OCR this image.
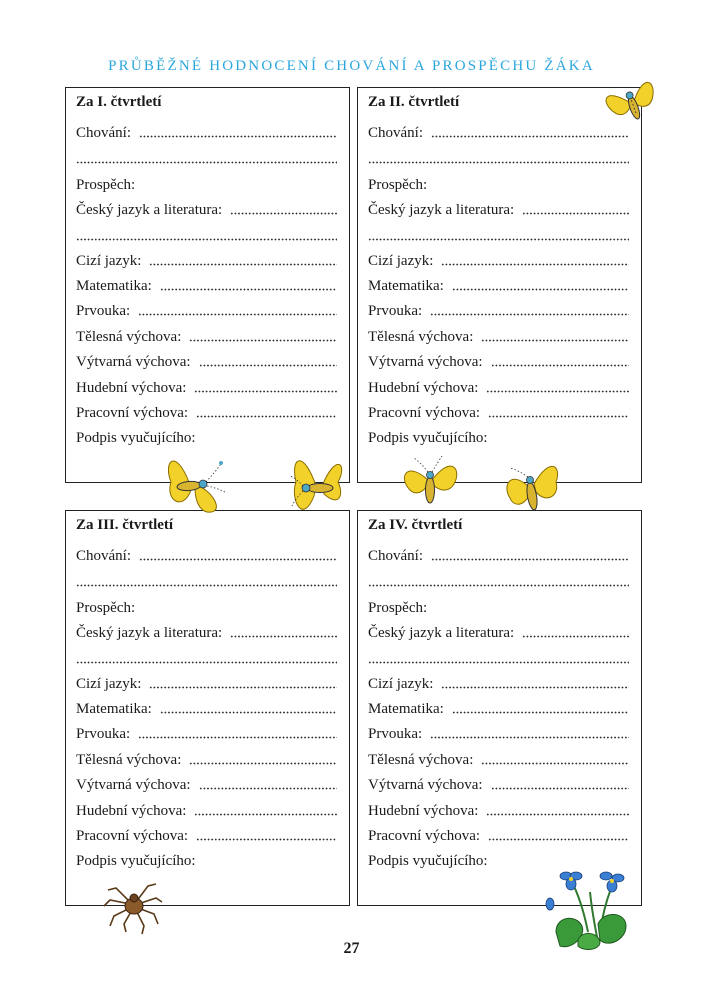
PRŮBĚŽNÉ HODNOCENÍ CHOVÁNÍ A PROSPĚCHU ŽÁKA
Za I. čtvrtletí
Chování:
Prospěch:
Český jazyk a literatura:
Cizí jazyk:
Matematika:
Prvouka:
Tělesná výchova:
Výtvarná výchova:
Hudební výchova:
Pracovní výchova:
Podpis vyučujícího:
Za II. čtvrtletí
Chování:
Prospěch:
Český jazyk a literatura:
Cizí jazyk:
Matematika:
Prvouka:
Tělesná výchova:
Výtvarná výchova:
Hudební výchova:
Pracovní výchova:
Podpis vyučujícího:
Za III. čtvrtletí
Chování:
Prospěch:
Český jazyk a literatura:
Cizí jazyk:
Matematika:
Prvouka:
Tělesná výchova:
Výtvarná výchova:
Hudební výchova:
Pracovní výchova:
Podpis vyučujícího:
Za IV. čtvrtletí
Chování:
Prospěch:
Český jazyk a literatura:
Cizí jazyk:
Matematika:
Prvouka:
Tělesná výchova:
Výtvarná výchova:
Hudební výchova:
Pracovní výchova:
Podpis vyučujícího:
27
